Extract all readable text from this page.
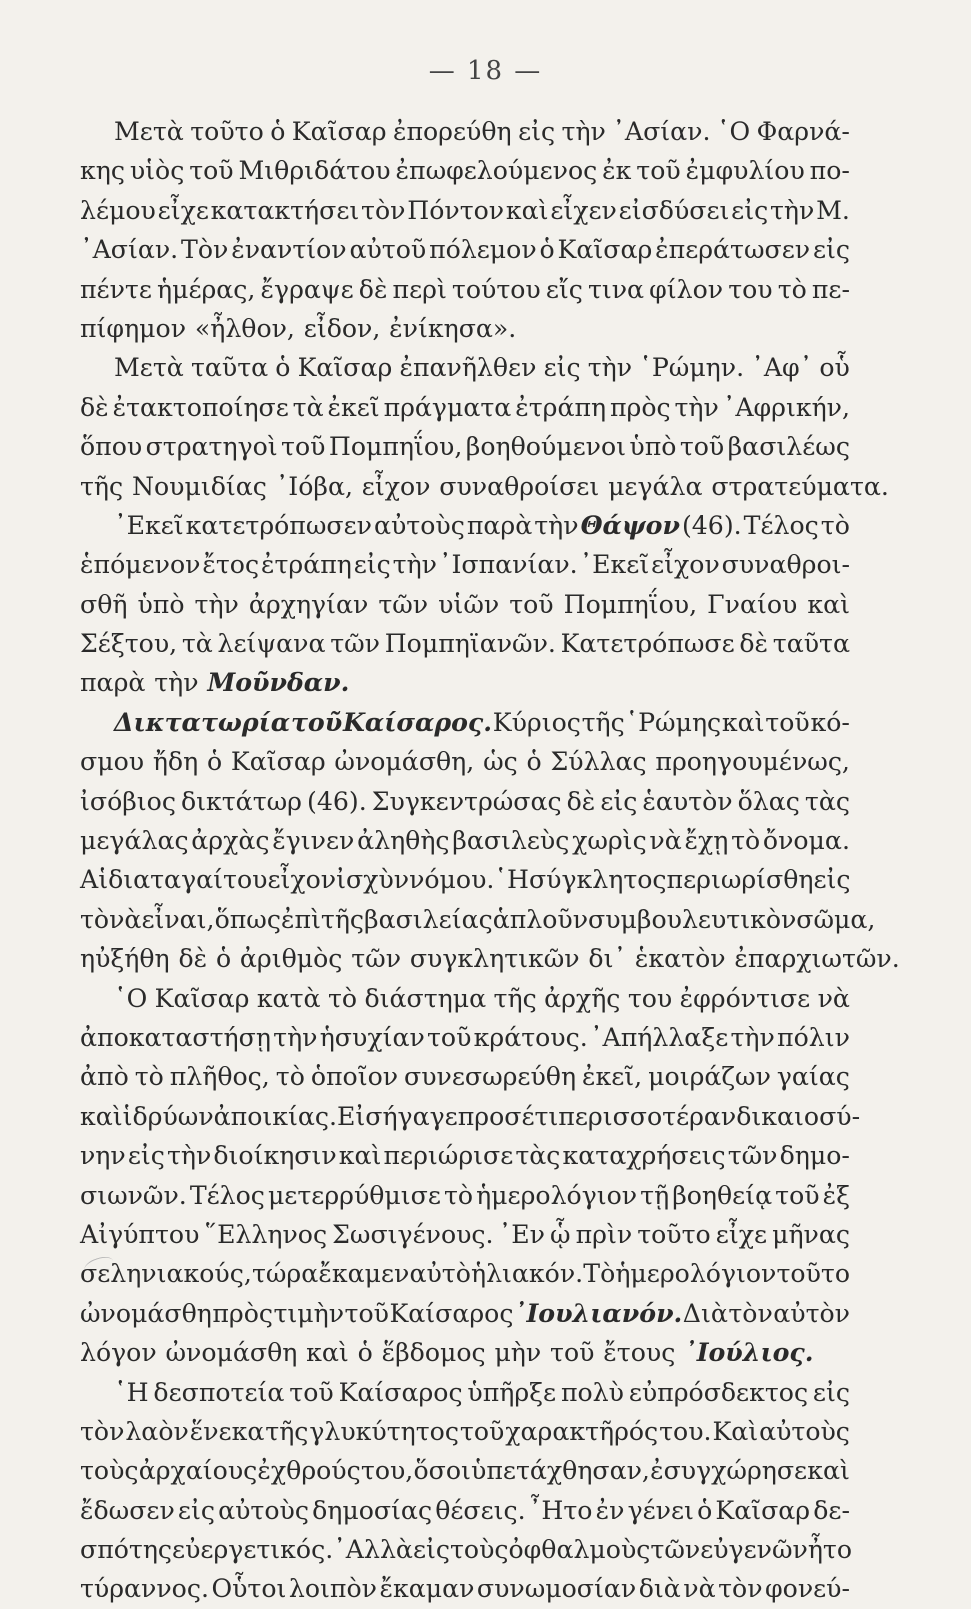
— 18 —
Μετὰ τοῦτο ὁ Καῖσαρ ἐπορεύθη εἰς τὴν ᾿Ασίαν. ῾Ο Φαρνά-
κης υἱὸς τοῦ Μιθριδάτου ἐπωφελούμενος ἐκ τοῦ ἐμφυλίου πο-
λέμου εἶχε κατακτήσει τὸν Πόντον καὶ εἶχεν εἰσδύσει εἰς τὴν Μ.
᾿Ασίαν. Τὸν ἐναντίον αὐτοῦ πόλεμον ὁ Καῖσαρ ἐπεράτωσεν εἰς
πέντε ἡμέρας, ἔγραψε δὲ περὶ τούτου εἴς τινα φίλον του τὸ πε-
πίφημον «ἦλθον, εἶδον, ἐνίκησα».
Μετὰ ταῦτα ὁ Καῖσαρ ἐπανῆλθεν εἰς τὴν ῾Ρώμην. ᾿Αφ᾿ οὗ
δὲ ἐτακτοποίησε τὰ ἐκεῖ πράγματα ἐτράπη πρὸς τὴν ᾿Αφρικήν,
ὅπου στρατηγοὶ τοῦ Πομπηΐου, βοηθούμενοι ὑπὸ τοῦ βασιλέως
τῆς Νουμιδίας ᾿Ιόβα, εἶχον συναθροίσει μεγάλα στρατεύματα.
᾿Εκεῖ κατετρόπωσεν αὐτοὺς παρὰ τὴν Θάψον (46). Τέλος τὸ
ἑπόμενον ἔτος ἐτράπη εἰς τὴν ᾿Ισπανίαν. ᾿Εκεῖ εἶχον συναθροι-
σθῆ ὑπὸ τὴν ἀρχηγίαν τῶν υἱῶν τοῦ Πομπηΐου, Γναίου καὶ
Σέξτου, τὰ λείψανα τῶν Πομπηϊανῶν. Κατετρόπωσε δὲ ταῦτα
παρὰ τὴν Μοῦνδαν.
Δικτατωρία τοῦ Καίσαρος. Κύριος τῆς ῾Ρώμης καὶ τοῦ κό-
σμου ἤδη ὁ Καῖσαρ ὠνομάσθη, ὡς ὁ Σύλλας προηγουμένως,
ἰσόβιος δικτάτωρ (46). Συγκεντρώσας δὲ εἰς ἑαυτὸν ὅλας τὰς
μεγάλας ἀρχὰς ἔγινεν ἀληθὴς βασιλεὺς χωρὶς νὰ ἔχῃ τὸ ὄνομα.
Αἱ διαταγαί του εἶχον ἰσχὺν νόμου. ῾Η σύγκλητος περιωρίσθη εἰς
τὸ νὰ εἶναι, ὅπως ἐπὶ τῆς βασιλείας ἁπλοῦν συμβουλευτικὸν σῶμα,
ηὐξήθη δὲ ὁ ἀριθμὸς τῶν συγκλητικῶν δι᾿ ἑκατὸν ἐπαρχιωτῶν.
῾Ο Καῖσαρ κατὰ τὸ διάστημα τῆς ἀρχῆς του ἐφρόντισε νὰ
ἀποκαταστήσῃ τὴν ἡσυχίαν τοῦ κράτους. ᾿Απήλλαξε τὴν πόλιν
ἀπὸ τὸ πλῆθος, τὸ ὁποῖον συνεσωρεύθη ἐκεῖ, μοιράζων γαίας
καὶ ἱδρύων ἀποικίας. Εἰσήγαγε προσέτι περισσοτέραν δικαιοσύ-
νην εἰς τὴν διοίκησιν καὶ περιώρισε τὰς καταχρήσεις τῶν δημο-
σιωνῶν. Τέλος μετερρύθμισε τὸ ἡμερολόγιον τῇ βοηθείᾳ τοῦ ἐξ
Αἰγύπτου ῞Ελληνος Σωσιγένους. ᾿Εν ᾧ πρὶν τοῦτο εἶχε μῆνας
σεληνιακούς, τώρα ἔκαμεν αὐτὸ ἡλιακόν. Τὸ ἡμερολόγιον τοῦτο
ὠνομάσθη πρὸς τιμὴν τοῦ Καίσαρος ᾿Ιουλιανόν. Διὰ τὸν αὐτὸν
λόγον ὠνομάσθη καὶ ὁ ἕβδομος μὴν τοῦ ἔτους ᾿Ιούλιος.
῾Η δεσποτεία τοῦ Καίσαρος ὑπῆρξε πολὺ εὐπρόσδεκτος εἰς
τὸν λαὸν ἕνεκα τῆς γλυκύτητος τοῦ χαρακτῆρός του. Καὶ αὐτοὺς
τοὺς ἀρχαίους ἐχθρούς του, ὅσοι ὑπετάχθησαν, ἐσυγχώρησε καὶ
ἔδωσεν εἰς αὐτοὺς δημοσίας θέσεις. ῏Ητο ἐν γένει ὁ Καῖσαρ δε-
σπότης εὐεργετικός. ᾿Αλλὰ εἰς τοὺς ὀφθαλμοὺς τῶν εὐγενῶν ἦτο
τύραννος. Οὗτοι λοιπὸν ἔκαμαν συνωμοσίαν διὰ νὰ τὸν φονεύ-
